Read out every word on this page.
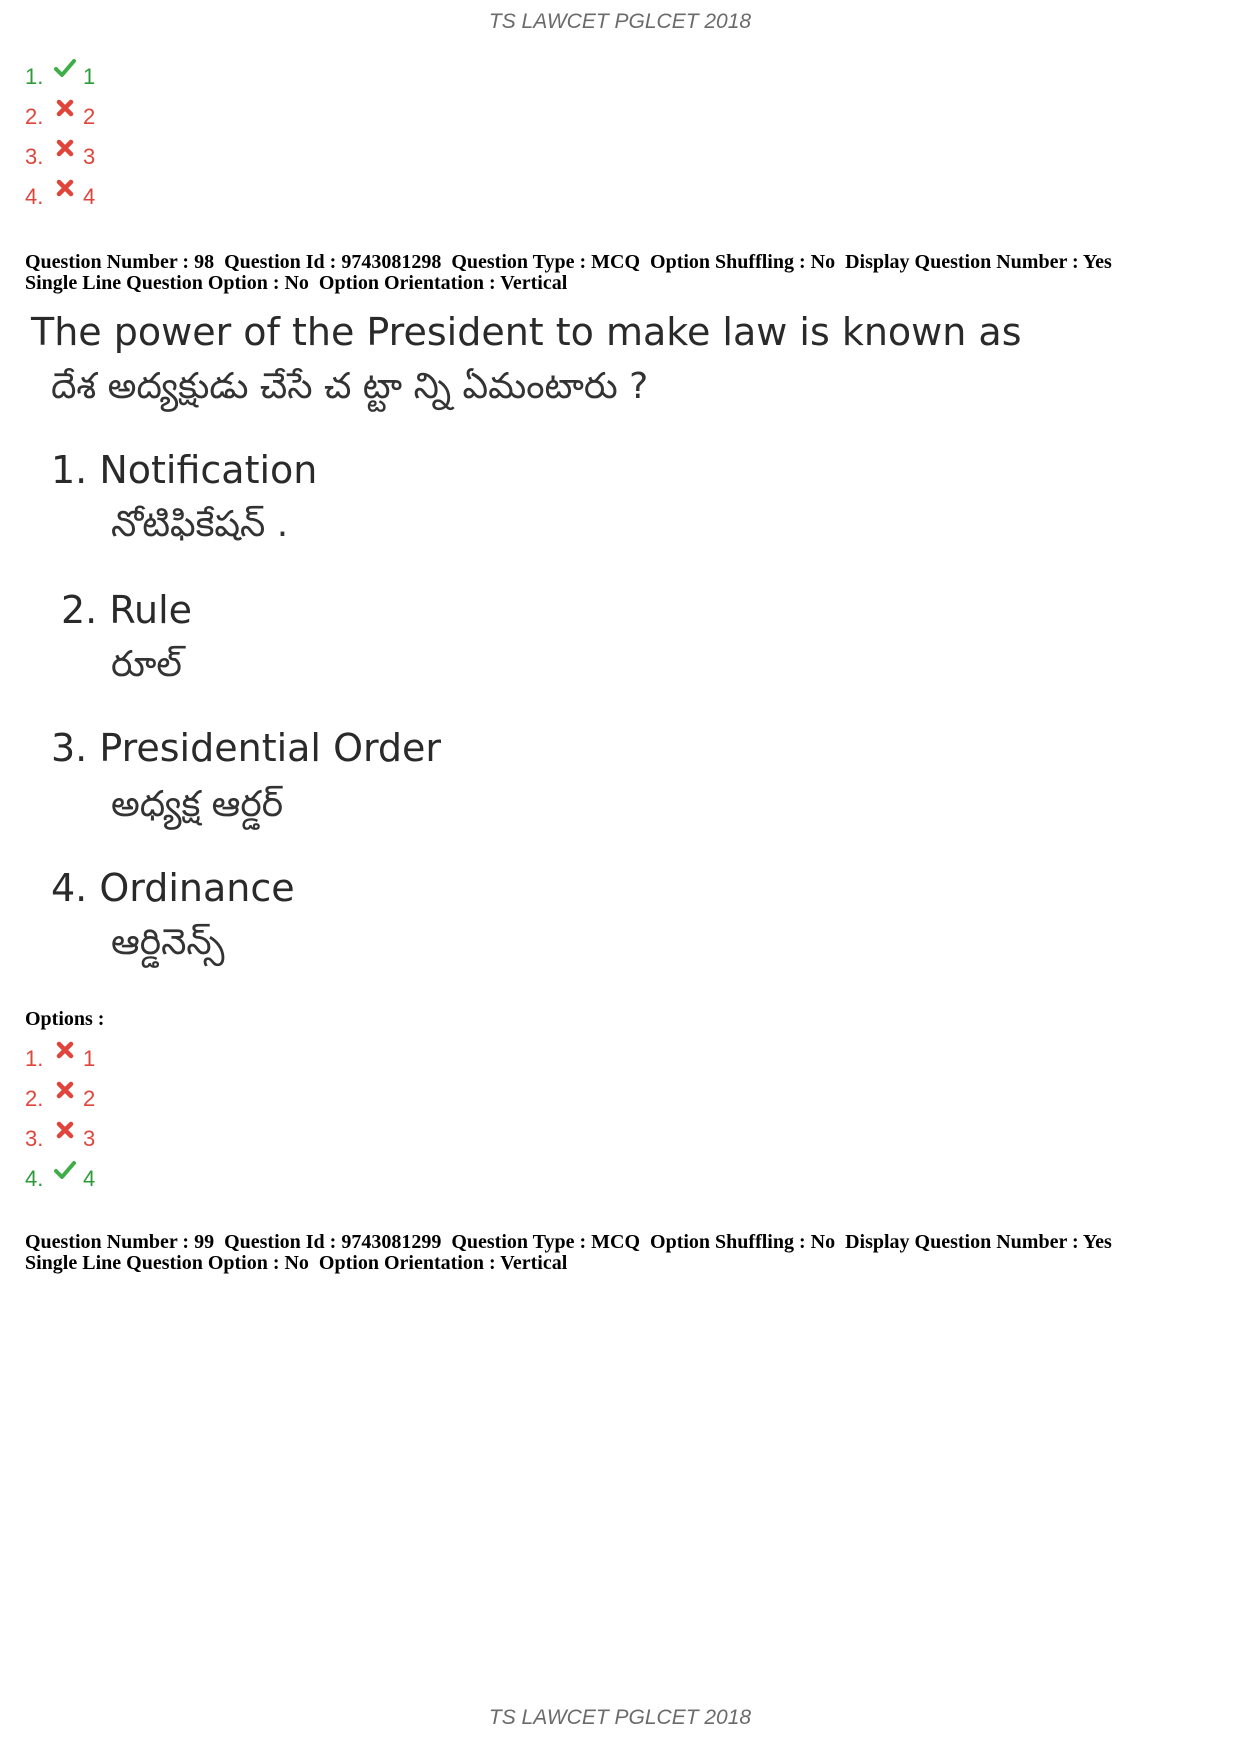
TS LAWCET PGLCET 2018
1. 1
2. 2
3. 3
4. 4
Question Number : 98  Question Id : 9743081298  Question Type : MCQ  Option Shuffling : No  Display Question Number : Yes
Single Line Question Option : No  Option Orientation : Vertical
The power of the President to make law is known as
దేశ అద్యక్షుడు చేసే చ ట్టా న్ని ఏమంటారు ?
1. Notification
నోటిఫికేషన్ .
2. Rule
రూల్
3. Presidential Order
అధ్యక్ష ఆర్డర్
4. Ordinance
ఆర్డినెన్స్
Options :
1. 1
2. 2
3. 3
4. 4
Question Number : 99  Question Id : 9743081299  Question Type : MCQ  Option Shuffling : No  Display Question Number : Yes
Single Line Question Option : No  Option Orientation : Vertical
TS LAWCET PGLCET 2018
